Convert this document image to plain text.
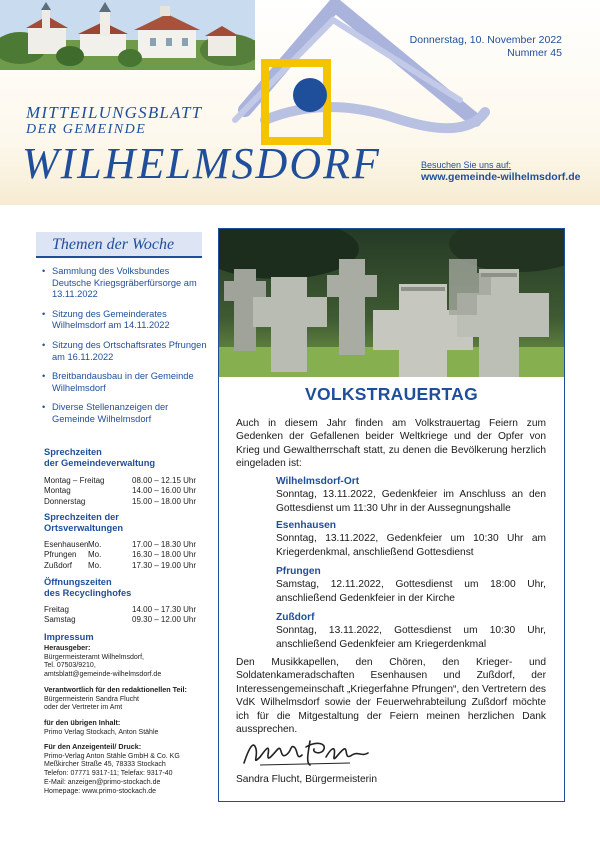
Donnerstag, 10. November 2022
Nummer 45
MITTEILUNGSBLATT
DER GEMEINDE
WILHELMSDORF	Besuchen Sie uns auf:
www.gemeinde-wilhelmsdorf.de
Themen der Woche
• Sammlung des Volksbundes Deutsche Kriegsgräberfürsorge am 13.11.2022
• Sitzung des Gemeinderates Wilhelmsdorf am 14.11.2022
• Sitzung des Ortschaftsrates Pfrungen am 16.11.2022
• Breitbandausbau in der Gemeinde Wilhelmsdorf
• Diverse Stellenanzeigen der Gemeinde Wilhelmsdorf
Sprechzeiten
der Gemeindeverwaltung
Montag – Freitag	08.00 – 12.15 Uhr
Montag	14.00 – 16.00 Uhr
Donnerstag	15.00 – 18.00 Uhr
Sprechzeiten der
Ortsverwaltungen
Esenhausen Mo.	17.00 – 18.30 Uhr
Pfrungen	Mo.	16.30 – 18.00 Uhr
Zußdorf	Mo.	17.30 – 19.00 Uhr
Öffnungszeiten
des Recyclinghofes
Freitag	14.00 – 17.30 Uhr
Samstag	09.30 – 12.00 Uhr
Impressum
Herausgeber:
Bürgermeisteramt Wilhelmsdorf,
Tel. 07503/9210,
amtsblatt@gemeinde-wilhelmsdorf.de
Verantwortlich für den redaktionellen Teil:
Bürgermeisterin Sandra Flucht
oder der Vertreter im Amt
für den übrigen Inhalt:
Primo Verlag Stockach, Anton Stähle
Für den Anzeigenteil/ Druck:
Primo-Verlag Anton Stähle GmbH & Co. KG
Meßkircher Straße 45, 78333 Stockach
Telefon: 07771 9317-11; Telefax: 9317-40
E-Mail: anzeigen@primo-stockach.de
Homepage: www.primo-stockach.de
VOLKSTRAUERTAG
Auch in diesem Jahr finden am Volkstrauertag Feiern zum Gedenken der Gefallenen beider Weltkriege und der Opfer von Krieg und Gewaltherrschaft statt, zu denen die Bevölkerung herzlich eingeladen ist:
Wilhelmsdorf-Ort
Sonntag, 13.11.2022, Gedenkfeier im Anschluss an den Gottesdienst um 11:30 Uhr in der Aussegnungshalle
Esenhausen
Sonntag, 13.11.2022, Gedenkfeier um 10:30 Uhr am Kriegerdenkmal, anschließend Gottesdienst
Pfrungen
Samstag, 12.11.2022, Gottesdienst um 18:00 Uhr, anschließend Gedenkfeier in der Kirche
Zußdorf
Sonntag, 13.11.2022, Gottesdienst um 10:30 Uhr, anschließend Gedenkfeier am Kriegerdenkmal
Den Musikkapellen, den Chören, den Krieger- und Soldatenkameradschaften Esenhausen und Zußdorf, der Interessengemeinschaft „Kriegerfahne Pfrungen“, den Vertretern des VdK Wilhelmsdorf sowie der Feuerwehrabteilung Zußdorf möchte ich für die Mitgestaltung der Feiern meinen herzlichen Dank aussprechen.
Sandra Flucht, Bürgermeisterin
